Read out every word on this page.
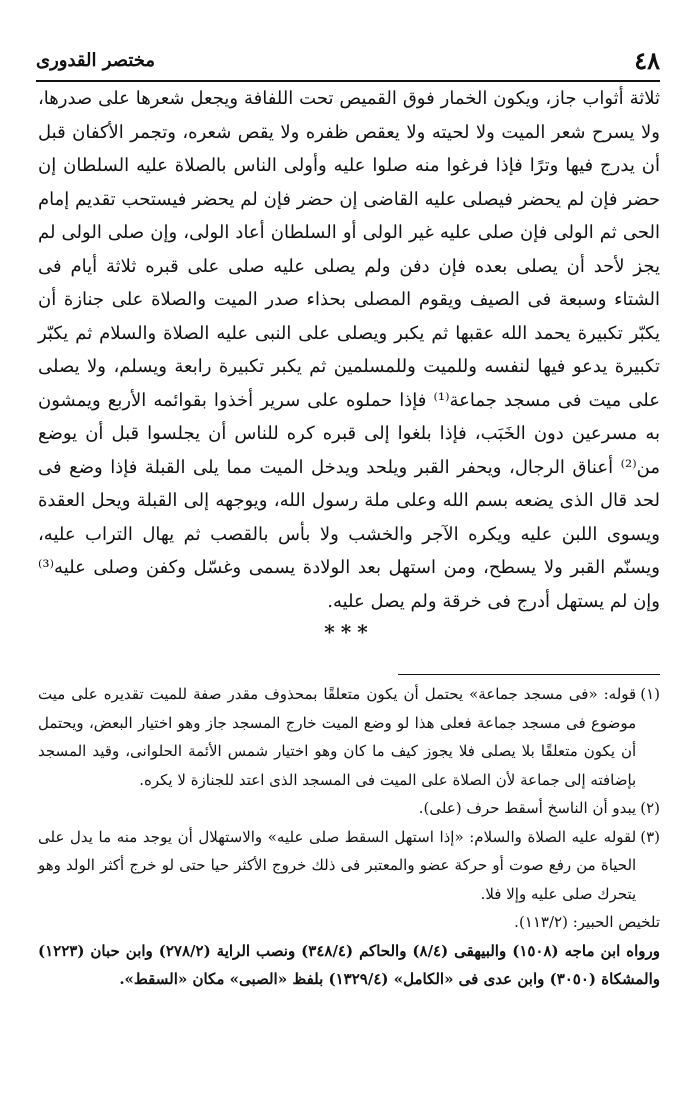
٤٨
مختصر القدورى

ثلاثة أثواب جاز، ويكون الخمار فوق القميص تحت اللفافة ويجعل شعرها على صدرها، ولا يسرح شعر الميت ولا لحيته ولا يعقص ظفره ولا يقص شعره، وتجمر الأكفان قبل أن يدرج فيها وترًا فإذا فرغوا منه صلوا عليه وأولى الناس بالصلاة عليه السلطان إن حضر فإن لم يحضر فيصلى عليه القاضى إن حضر فإن لم يحضر فيستحب تقديم إمام الحى ثم الولى فإن صلى عليه غير الولى أو السلطان أعاد الولى، وإن صلى الولى لم يجز لأحد أن يصلى بعده فإن دفن ولم يصلى عليه صلى على قبره ثلاثة أيام فى الشتاء وسبعة فى الصيف ويقوم المصلى بحذاء صدر الميت والصلاة على جنازة أن يكبّر تكبيرة يحمد الله عقبها ثم يكبر ويصلى على النبى عليه الصلاة والسلام ثم يكبّر تكبيرة يدعو فيها لنفسه وللميت وللمسلمين ثم يكبر تكبيرة رابعة ويسلم، ولا يصلى على ميت فى مسجد جماعة⁽¹⁾ فإذا حملوه على سرير أخذوا بقوائمه الأربع ويمشون به مسرعين دون الخَبَب، فإذا بلغوا إلى قبره كره للناس أن يجلسوا قبل أن يوضع من⁽²⁾ أعناق الرجال، ويحفر القبر ويلحد ويدخل الميت مما يلى القبلة فإذا وضع فى لحد قال الذى يضعه بسم الله وعلى ملة رسول الله، ويوجهه إلى القبلة ويحل العقدة ويسوى اللبن عليه ويكره الآجر والخشب ولا بأس بالقصب ثم يهال التراب عليه، ويسنّم القبر ولا يسطح، ومن استهل بعد الولادة يسمى وغسّل وكفن وصلى عليه⁽³⁾ وإن لم يستهل أدرج فى خرقة ولم يصل عليه.

***
(١)
قوله: «فى مسجد جماعة» يحتمل أن يكون متعلقًا بمحذوف مقدر صفة للميت تقديره على ميت موضوع فى مسجد جماعة فعلى هذا لو وضع الميت خارج المسجد جاز وهو اختيار البعض، ويحتمل أن يكون متعلقًا بلا يصلى فلا يجوز كيف ما كان وهو اختيار شمس الأئمة الحلوانى، وقيد المسجد بإضافته إلى جماعة لأن الصلاة على الميت فى المسجد الذى اعتد للجنازة لا يكره.
(٢)
يبدو أن الناسخ أسقط حرف (على).
(٣)
لقوله عليه الصلاة والسلام: «إذا استهل السقط صلى عليه» والاستهلال أن يوجد منه ما يدل على الحياة من رفع صوت أو حركة عضو والمعتبر فى ذلك خروج الأكثر حيا حتى لو خرج أكثر الولد وهو يتحرك صلى عليه وإلا فلا.

تلخيص الحبير: (١١٣/٢).

ورواه ابن ماجه (١٥٠٨) والبيهقى (٨/٤) والحاكم (٣٤٨/٤) ونصب الراية (٢٧٨/٢) وابن حبان (١٢٢٣) والمشكاة (٣٠٥٠) وابن عدى فى «الكامل» (١٣٢٩/٤) بلفظ «الصبى» مكان «السقط».
